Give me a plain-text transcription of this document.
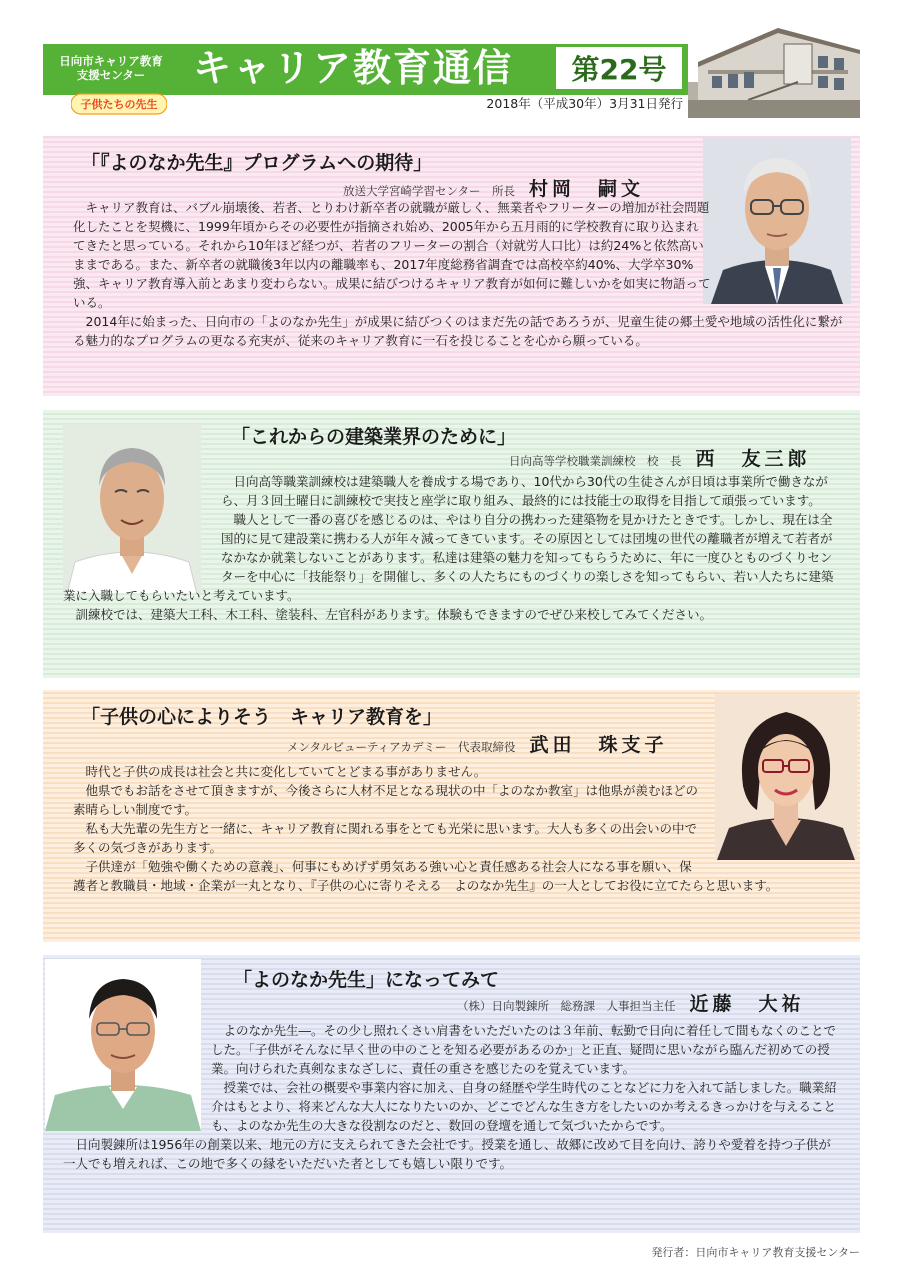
日向市キャリア教育
支援センター
子供たちの先生
キャリア教育通信	第22号
2018年（平成30年）3月31日発行
「『よのなか先生』プログラムへの期待」
放送大学宮崎学習センター　所長 村岡　嗣文

キャリア教育は、バブル崩壊後、若者、とりわけ新卒者の就職が厳しく、無業者やフリーターの増加が社会問題化したことを契機に、1999年頃からその必要性が指摘され始め、2005年から五月雨的に学校教育に取り込まれてきたと思っている。それから10年ほど経つが、若者のフリーターの割合（対就労人口比）は約24%と依然高いままである。また、新卒者の就職後3年以内の離職率も、2017年度総務省調査では高校卒約40%、大学卒30%強、キャリア教育導入前とあまり変わらない。成果に結びつけるキャリア教育が如何に難しいかを如実に物語っている。

2014年に始まった、日向市の「よのなか先生」が成果に結びつくのはまだ先の話であろうが、児童生徒の郷土愛や地域の活性化に繋がる魅力的なプログラムの更なる充実が、従来のキャリア教育に一石を投じることを心から願っている。

「これからの建築業界のために」
日向高等学校職業訓練校　校　長 西　友三郎

日向高等職業訓練校は建築職人を養成する場であり、10代から30代の生徒さんが日頃は事業所で働きながら、月３回土曜日に訓練校で実技と座学に取り組み、最終的には技能士の取得を目指して頑張っています。

職人として一番の喜びを感じるのは、やはり自分の携わった建築物を見かけたときです。しかし、現在は全国的に見て建設業に携わる人が年々減ってきています。その原因としては団塊の世代の離職者が増えて若者がなかなか就業しないことがあります。私達は建築の魅力を知ってもらうために、年に一度ひとものづくりセンターを中心に「技能祭り」を開催し、多くの人たちにものづくりの楽しさを知ってもらい、若い人たちに建築業に入職してもらいたいと考えています。

訓練校では、建築大工科、木工科、塗装科、左官科があります。体験もできますのでぜひ来校してみてください。

「子供の心によりそう　キャリア教育を」
メンタルビューティアカデミー　代表取締役 武田　珠支子

時代と子供の成長は社会と共に変化していてとどまる事がありません。

他県でもお話をさせて頂きますが、今後さらに人材不足となる現状の中「よのなか教室」は他県が羨むほどの素晴らしい制度です。

私も大先輩の先生方と一緒に、キャリア教育に関れる事をとても光栄に思います。大人も多くの出会いの中で多くの気づきがあります。

子供達が「勉強や働くための意義」、何事にもめげず勇気ある強い心と責任感ある社会人になる事を願い、保護者と教職員・地域・企業が一丸となり、『子供の心に寄りそえる　よのなか先生』の一人としてお役に立てたらと思います。

「よのなか先生」になってみて
（株）日向製錬所　総務課　人事担当主任 近藤　大祐

よのなか先生―。その少し照れくさい肩書をいただいたのは３年前、転勤で日向に着任して間もなくのことでした。「子供がそんなに早く世の中のことを知る必要があるのか」と正直、疑問に思いながら臨んだ初めての授業。向けられた真剣なまなざしに、責任の重さを感じたのを覚えています。

授業では、会社の概要や事業内容に加え、自身の経歴や学生時代のことなどに力を入れて話しました。職業紹介はもとより、将来どんな大人になりたいのか、どこでどんな生き方をしたいのか考えるきっかけを与えることも、よのなか先生の大きな役割なのだと、数回の登壇を通して気づいたからです。

日向製錬所は1956年の創業以来、地元の方に支えられてきた会社です。授業を通し、故郷に改めて目を向け、誇りや愛着を持つ子供が一人でも増えれば、この地で多くの縁をいただいた者としても嬉しい限りです。

発行者：日向市キャリア教育支援センター
